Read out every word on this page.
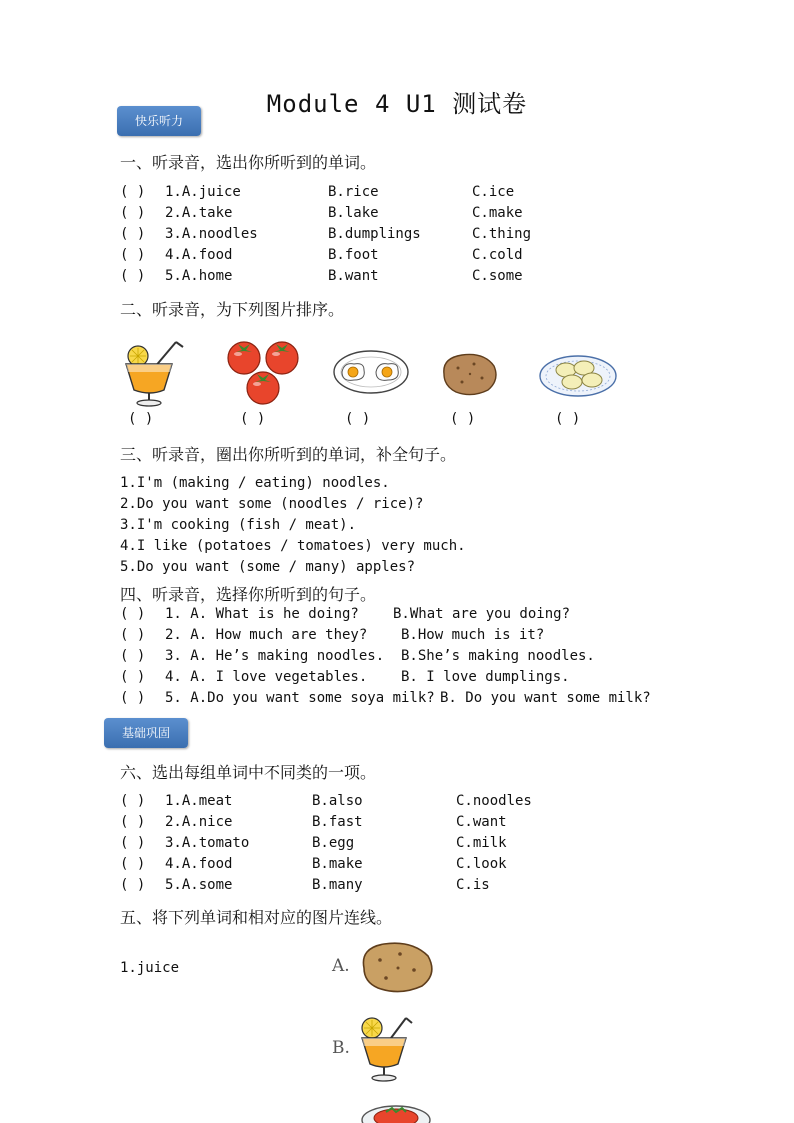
Module 4 U1 测试卷
快乐听力
一、听录音，选出你所听到的单词。
( ) 1.A.juice	B.rice	C.ice
( ) 2.A.take	B.lake	C.make
( ) 3.A.noodles	B.dumplings	C.thing
( ) 4.A.food	B.foot	C.cold
( ) 5.A.home	B.want	C.some
二、听录音，为下列图片排序。
( )	( )	( )	( )	( )
三、听录音，圈出你所听到的单词，补全句子。
1.I'm (making / eating) noodles.
2.Do you want some (noodles / rice)?
3.I'm cooking (fish / meat).
4.I like (potatoes / tomatoes) very much.
5.Do you want (some / many) apples?
四、听录音，选择你所听到的句子。
( ) 1. A. What is he doing? B.What are you doing?
( ) 2. A. How much are they? B.How much is it?
( ) 3. A. He’s making noodles. B.She’s making noodles.
( ) 4. A. I love vegetables. B. I love dumplings.
( ) 5. A.Do you want some soya milk? B. Do you want some milk?
基础巩固
六、选出每组单词中不同类的一项。
( ) 1.A.meat	B.also	C.noodles
( ) 2.A.nice	B.fast	C.want
( ) 3.A.tomato	B.egg	C.milk
( ) 4.A.food	B.make	C.look
( ) 5.A.some	B.many	C.is
五、将下列单词和相对应的图片连线。
1.juice	A.
B.
